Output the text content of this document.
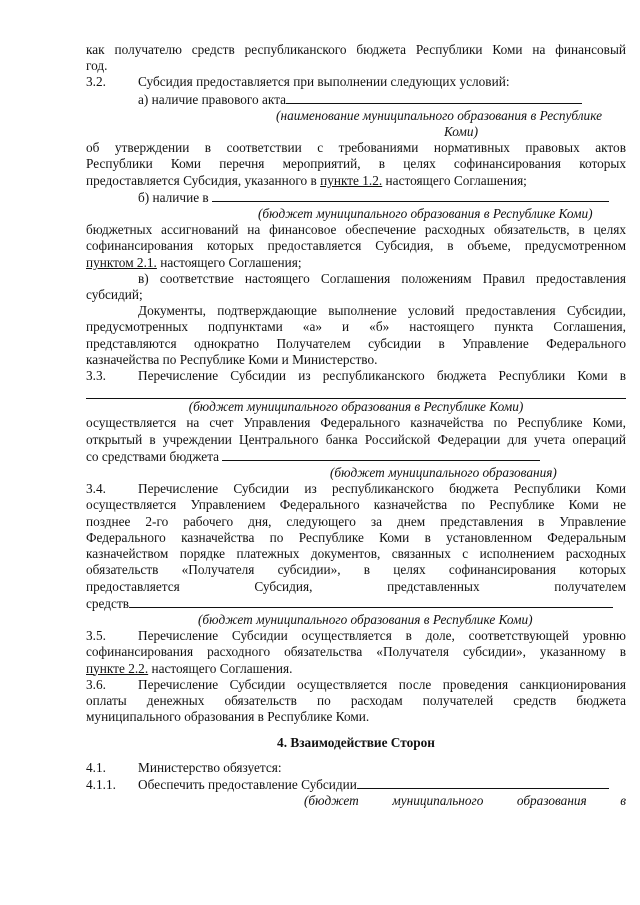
как получателю средств республиканского бюджета Республики Коми на финансовый

год.

3.2. Субсидия предоставляется при выполнении следующих условий:

а) наличие правового акта

(наименование муниципального образования в Республике

Коми)

об утверждении в соответствии с требованиями нормативных правовых актов

Республики Коми перечня мероприятий, в целях софинансирования которых

предоставляется Субсидия, указанного в пункте 1.2. настоящего Соглашения;

б) наличие в

(бюджет муниципального образования в Республике Коми)

бюджетных ассигнований на финансовое обеспечение расходных обязательств, в целях

софинансирования которых предоставляется Субсидия, в объеме, предусмотренном

пунктом 2.1. настоящего Соглашения;

в) соответствие настоящего Соглашения положениям Правил предоставления

субсидий;

Документы, подтверждающие выполнение условий предоставления Субсидии,

предусмотренных подпунктами «а» и «б» настоящего пункта Соглашения,

представляются однократно Получателем субсидии в Управление Федерального

казначейства по Республике Коми и Министерство.

3.3. Перечисление Субсидии из республиканского бюджета Республики Коми в

(бюджет муниципального образования в Республике Коми)

осуществляется на счет Управления Федерального казначейства по Республике Коми,

открытый в учреждении Центрального банка Российской Федерации для учета операций

со средствами бюджета

(бюджет муниципального образования)

3.4. Перечисление Субсидии из республиканского бюджета Республики Коми

осуществляется Управлением Федерального казначейства по Республике Коми не

позднее 2-го рабочего дня, следующего за днем представления в Управление

Федерального казначейства по Республике Коми в установленном Федеральным

казначейством порядке платежных документов, связанных с исполнением расходных

обязательств «Получателя субсидии», в целях софинансирования которых

предоставляется Субсидия, представленных получателем

средств

(бюджет муниципального образования в Республике Коми)

3.5. Перечисление Субсидии осуществляется в доле, соответствующей уровню

софинансирования расходного обязательства «Получателя субсидии», указанному в

пункте 2.2. настоящего Соглашения.

3.6. Перечисление Субсидии осуществляется после проведения санкционирования

оплаты денежных обязательств по расходам получателей средств бюджета

муниципального образования в Республике Коми.

4. Взаимодействие Сторон

4.1. Министерство обязуется:

4.1.1. Обеспечить предоставление Субсидии

(бюджет муниципального образования в
